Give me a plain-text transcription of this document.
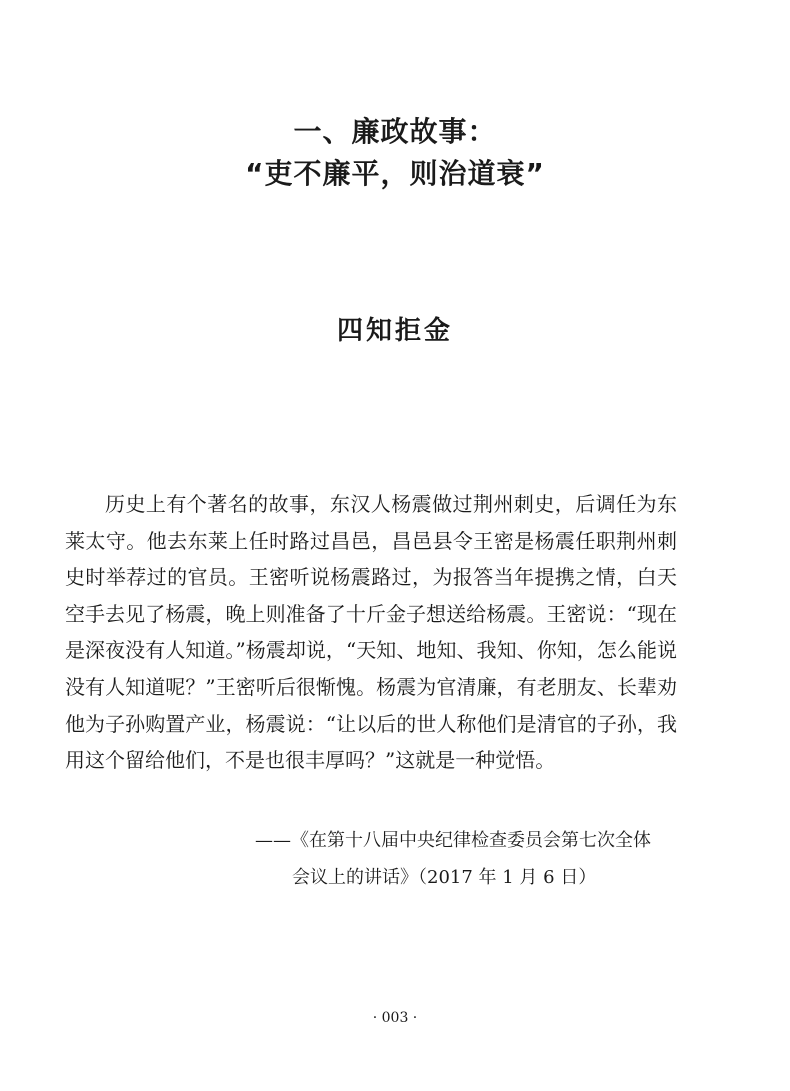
一、廉政故事：
“吏不廉平，则治道衰”
四知拒金

历史上有个著名的故事，东汉人杨震做过荆州刺史，后调任为东莱太守。他去东莱上任时路过昌邑，昌邑县令王密是杨震任职荆州刺史时举荐过的官员。王密听说杨震路过，为报答当年提携之情，白天空手去见了杨震，晚上则准备了十斤金子想送给杨震。王密说：“现在是深夜没有人知道。”杨震却说，“天知、地知、我知、你知，怎么能说没有人知道呢？”王密听后很惭愧。杨震为官清廉，有老朋友、长辈劝他为子孙购置产业，杨震说：“让以后的世人称他们是清官的子孙，我用这个留给他们，不是也很丰厚吗？”这就是一种觉悟。

——《在第十八届中央纪律检查委员会第七次全体

会议上的讲话》（2017 年 1 月 6 日）

· 003 ·
